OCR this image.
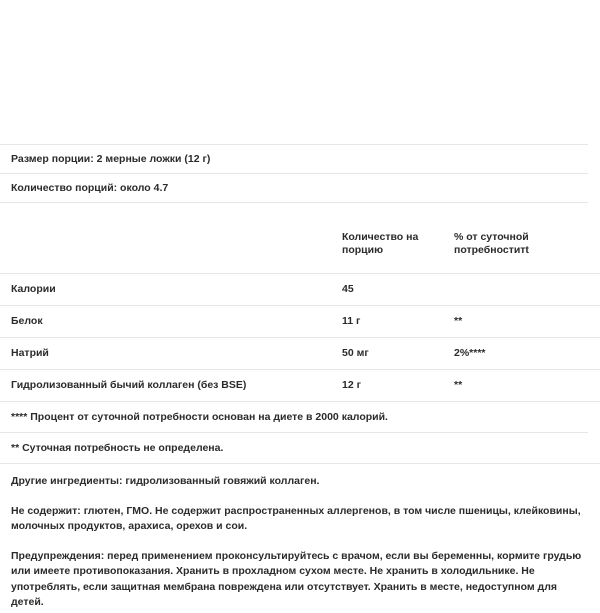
Размер порции: 2 мерные ложки (12 г)
Количество порций: около 4.7
	Количество на порцию	% от суточной потребноститt
Калории	45	
Белок	11 г	**
Натрий	50 мг	2%****
Гидролизованный бычий коллаген (без BSE)	12 г	**
**** Процент от суточной потребности основан на диете в 2000 калорий.
** Суточная потребность не определена.

Другие ингредиенты: гидролизованный говяжий коллаген.

Не содержит: глютен, ГМО. Не содержит распространенных аллергенов, в том числе пшеницы, клейковины, молочных продуктов, арахиса, орехов и сои.

Предупреждения: перед применением проконсультируйтесь с врачом, если вы беременны, кормите грудью или имеете противопоказания. Хранить в прохладном сухом месте. Не хранить в холодильнике. Не употреблять, если защитная мембрана повреждена или отсутствует. Хранить в месте, недоступном для детей.
